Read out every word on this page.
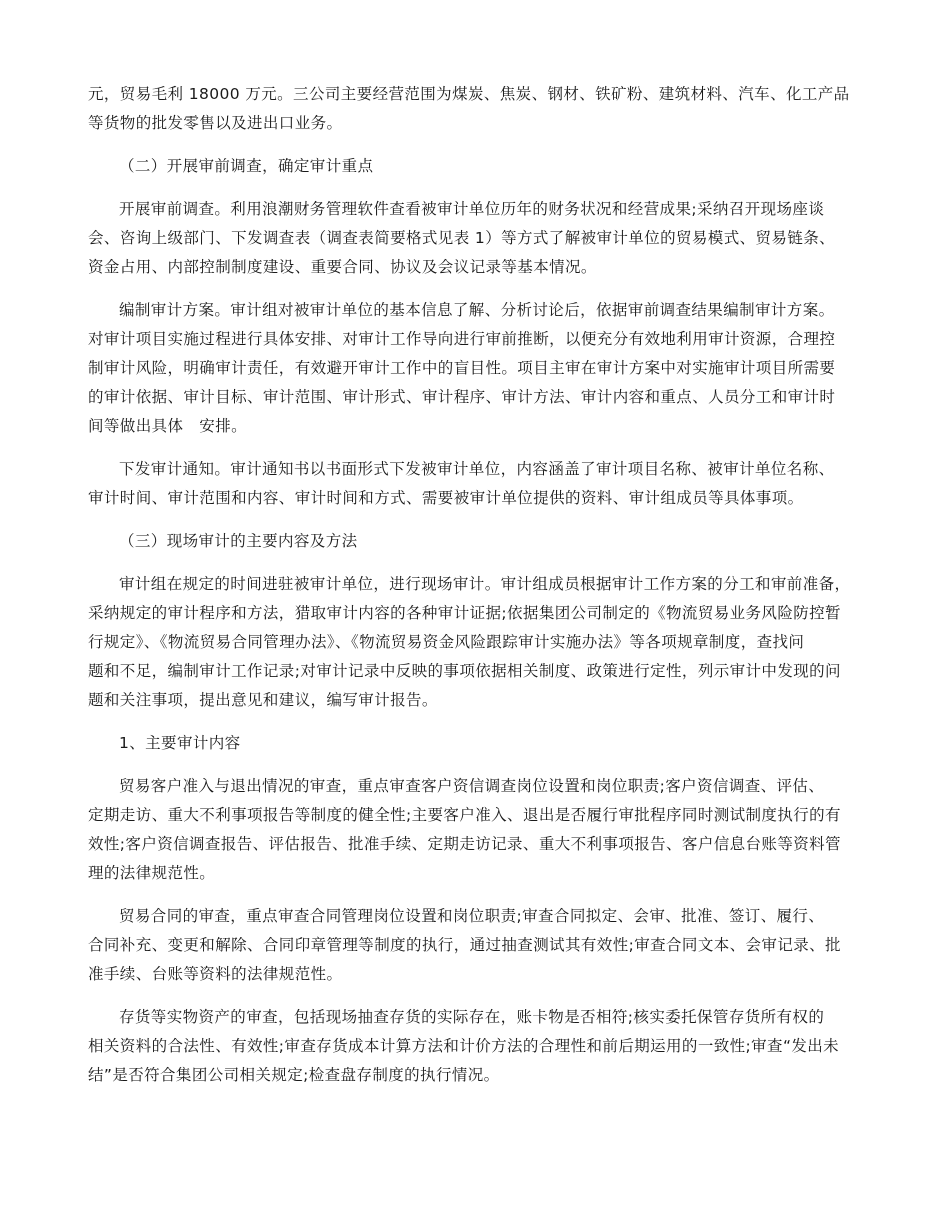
元，贸易毛利 18000 万元。三公司主要经营范围为煤炭、焦炭、钢材、铁矿粉、建筑材料、汽车、化工产品
等货物的批发零售以及进出口业务。

（二）开展审前调查，确定审计重点

开展审前调查。利用浪潮财务管理软件查看被审计单位历年的财务状况和经营成果;采纳召开现场座谈
会、咨询上级部门、下发调查表（调查表简要格式见表 1）等方式了解被审计单位的贸易模式、贸易链条、
资金占用、内部控制制度建设、重要合同、协议及会议记录等基本情况。

编制审计方案。审计组对被审计单位的基本信息了解、分析讨论后，依据审前调查结果编制审计方案。
对审计项目实施过程进行具体安排、对审计工作导向进行审前推断，以便充分有效地利用审计资源，合理控
制审计风险，明确审计责任，有效避开审计工作中的盲目性。项目主审在审计方案中对实施审计项目所需要
的审计依据、审计目标、审计范围、审计形式、审计程序、审计方法、审计内容和重点、人员分工和审计时
间等做出具体　安排。

下发审计通知。审计通知书以书面形式下发被审计单位，内容涵盖了审计项目名称、被审计单位名称、
审计时间、审计范围和内容、审计时间和方式、需要被审计单位提供的资料、审计组成员等具体事项。

（三）现场审计的主要内容及方法

审计组在规定的时间进驻被审计单位，进行现场审计。审计组成员根据审计工作方案的分工和审前准备，
采纳规定的审计程序和方法，猎取审计内容的各种审计证据;依据集团公司制定的《物流贸易业务风险防控暂
行规定》、《物流贸易合同管理办法》、《物流贸易资金风险跟踪审计实施办法》等各项规章制度，查找问
题和不足，编制审计工作记录;对审计记录中反映的事项依据相关制度、政策进行定性，列示审计中发现的问
题和关注事项，提出意见和建议，编写审计报告。

1、主要审计内容

贸易客户准入与退出情况的审查，重点审查客户资信调查岗位设置和岗位职责;客户资信调查、评估、
定期走访、重大不利事项报告等制度的健全性;主要客户准入、退出是否履行审批程序同时测试制度执行的有
效性;客户资信调查报告、评估报告、批准手续、定期走访记录、重大不利事项报告、客户信息台账等资料管
理的法律规范性。

贸易合同的审查，重点审查合同管理岗位设置和岗位职责;审查合同拟定、会审、批准、签订、履行、
合同补充、变更和解除、合同印章管理等制度的执行，通过抽查测试其有效性;审查合同文本、会审记录、批
准手续、台账等资料的法律规范性。

存货等实物资产的审查，包括现场抽查存货的实际存在，账卡物是否相符;核实委托保管存货所有权的
相关资料的合法性、有效性;审查存货成本计算方法和计价方法的合理性和前后期运用的一致性;审查“发出未
结”是否符合集团公司相关规定;检查盘存制度的执行情况。
